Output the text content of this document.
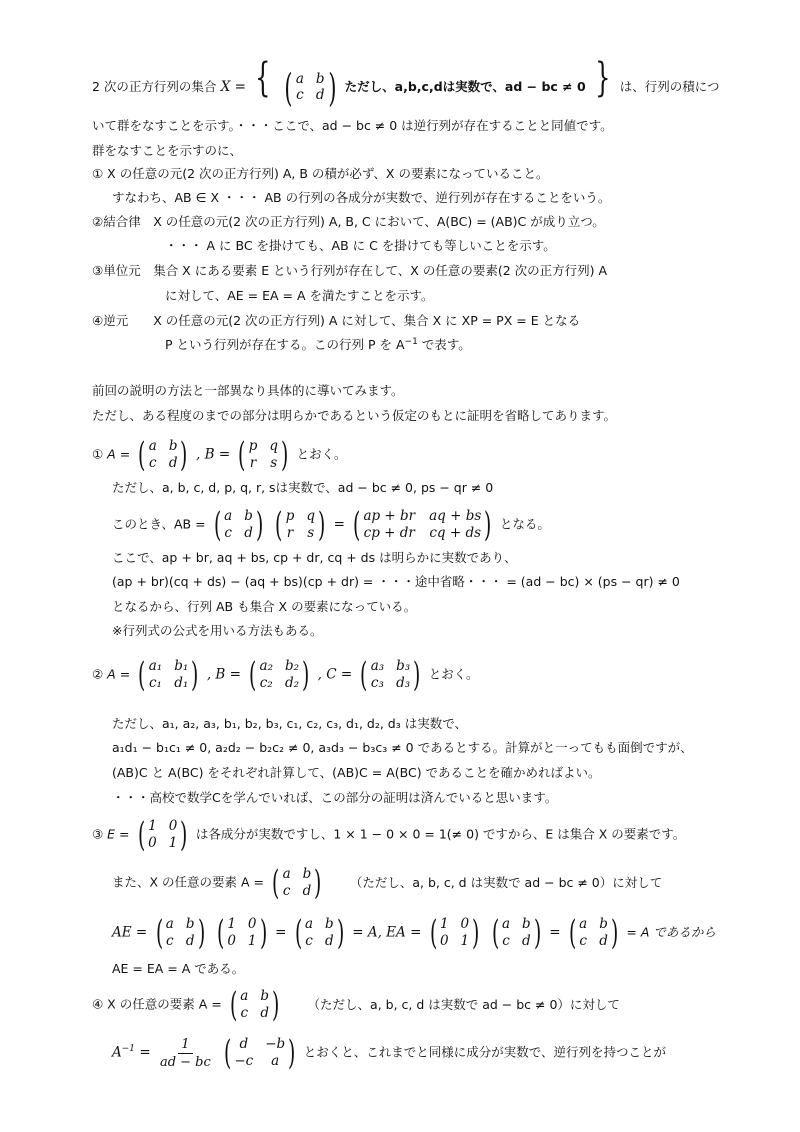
2 次の正方行列の集合 X = { ( a b
c d ) ただし、a,b,c,dは実数で、ad − bc ≠ 0 } は、行列の積につ
いて群をなすことを示す。・・・ここで、ad − bc ≠ 0 は逆行列が存在することと同値です。
群をなすことを示すのに、
① X の任意の元(2 次の正方行列) A, B の積が必ず、X の要素になっていること。
すなわち、AB ∈ X ・・・ AB の行列の各成分が実数で、逆行列が存在することをいう。
②結合律　X の任意の元(2 次の正方行列) A, B, C において、A(BC) = (AB)C が成り立つ。
・・・ A に BC を掛けても、AB に C を掛けても等しいことを示す。
③単位元　集合 X にある要素 E という行列が存在して、X の任意の要素(2 次の正方行列) A
に対して、AE = EA = A を満たすことを示す。
④逆元　　X の任意の元(2 次の正方行列) A に対して、集合 X に XP = PX = E となる
P という行列が存在する。この行列 P を $A^{-1}$ で表す。
前回の説明の方法と一部異なり具体的に導いてみます。
ただし、ある程度のまでの部分は明らかであるという仮定のもとに証明を省略してあります。
① A = ( a b
c d ) , B = ( p q
r s ) とおく。
ただし、a, b, c, d, p, q, r, sは実数で、ad − bc ≠ 0, ps − qr ≠ 0
このとき、AB = ( a b
c d )
( p q
r s ) = ( ap + br aq + bs
cp + dr cq + ds ) となる。
ここで、ap + br, aq + bs, cp + dr, cq + ds は明らかに実数であり、
(ap + br)(cq + ds) − (aq + bs)(cp + dr) = ・・・途中省略・・・ = (ad − bc) × (ps − qr) ≠ 0
となるから、行列 AB も集合 X の要素になっている。
※行列式の公式を用いる方法もある。
② A = ( a₁ b₁
c₁ d₁ ) , B = ( a₂ b₂
c₂ d₂ ) , C = ( a₃ b₃
c₃ d₃ ) とおく。
ただし、a₁, a₂, a₃, b₁, b₂, b₃, c₁, c₂, c₃, d₁, d₂, d₃ は実数で、
a₁d₁ − b₁c₁ ≠ 0, a₂d₂ − b₂c₂ ≠ 0, a₃d₃ − b₃c₃ ≠ 0 であるとする。計算がと一ってもも面倒ですが、
(AB)C と A(BC) をそれぞれ計算して、(AB)C = A(BC) であることを確かめればよい。
・・・高校で数学Cを学んでいれば、この部分の証明は済んでいると思います。
③ E = ( 1 0
0 1 ) は各成分が実数ですし、1 × 1 − 0 × 0 = 1(≠ 0) ですから、E は集合 X の要素です。
また、X の任意の要素 A = ( a b
c d ) （ただし、a, b, c, d は実数で ad − bc ≠ 0）に対して
AE = ( a b
c d )
( 1 0
0 1 ) = ( a b
c d ) = A, EA = ( 1 0
0 1 )
( a b
c d ) = ( a b
c d ) = A であるから
AE = EA = A である。
④ X の任意の要素 A = ( a b
c d ) （ただし、a, b, c, d は実数で ad − bc ≠ 0）に対して
$A^{-1} = \frac{1}{ad - bc}$
( d	−b
−c	a ) とおくと、これまでと同様に成分が実数で、逆行列を持つことが
